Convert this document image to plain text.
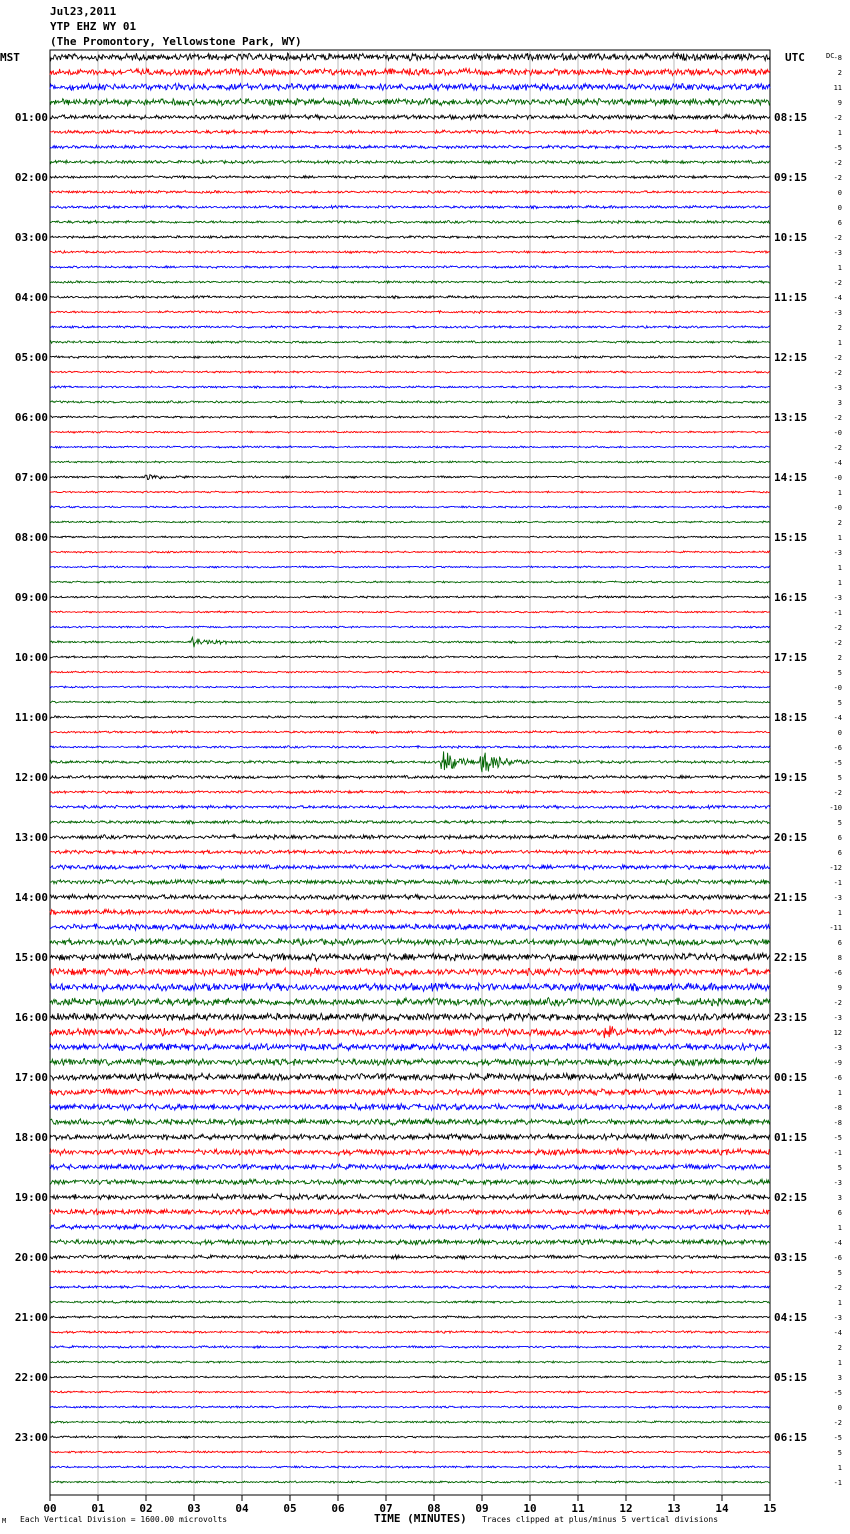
Jul23,2011
YTP EHZ WY 01
(The Promontory, Yellowstone Park, WY)
00	01	02	03	04	05	06	07	08	09	10	11	12	13	14	15
MST	UTC	DC
01:00
02:00
03:00
04:00
05:00
06:00
07:00
08:00
09:00
10:00
11:00
12:00
13:00
14:00
15:00
16:00
17:00
18:00
19:00
20:00
21:00
22:00
23:00
08:15
09:15
10:15
11:15
12:15
13:15
14:15
15:15
16:15
17:15
18:15
19:15
20:15
21:15
22:15
23:15
00:15
01:15
02:15
03:15
04:15
05:15
06:15
-8
2
11
9
-2
1
-5
-2
-2
0
0
6
-2
-3
1
-2
-4
-3
2
1
-2
-2
-3
3
-2
-0
-2
-4
-0
1
-0
2
1
-3
1
1
-3
-1
-2
-2
2
5
-0
5
-4
0
-6
-5
5
-2
-10
5
6
6
-12
-1
-3
1
-11
6
8
-6
9
-2
-3
12
-3
-9
-6
1
-8
-8
-5
-1
5
-3
3
6
1
-4
-6
5
-2
1
-3
-4
2
1
3
-5
0
-2
-5
5
1
-1
M Each Vertical Division = 1600.00 microvolts	TIME (MINUTES) Traces clipped at plus/minus 5 vertical divisions
